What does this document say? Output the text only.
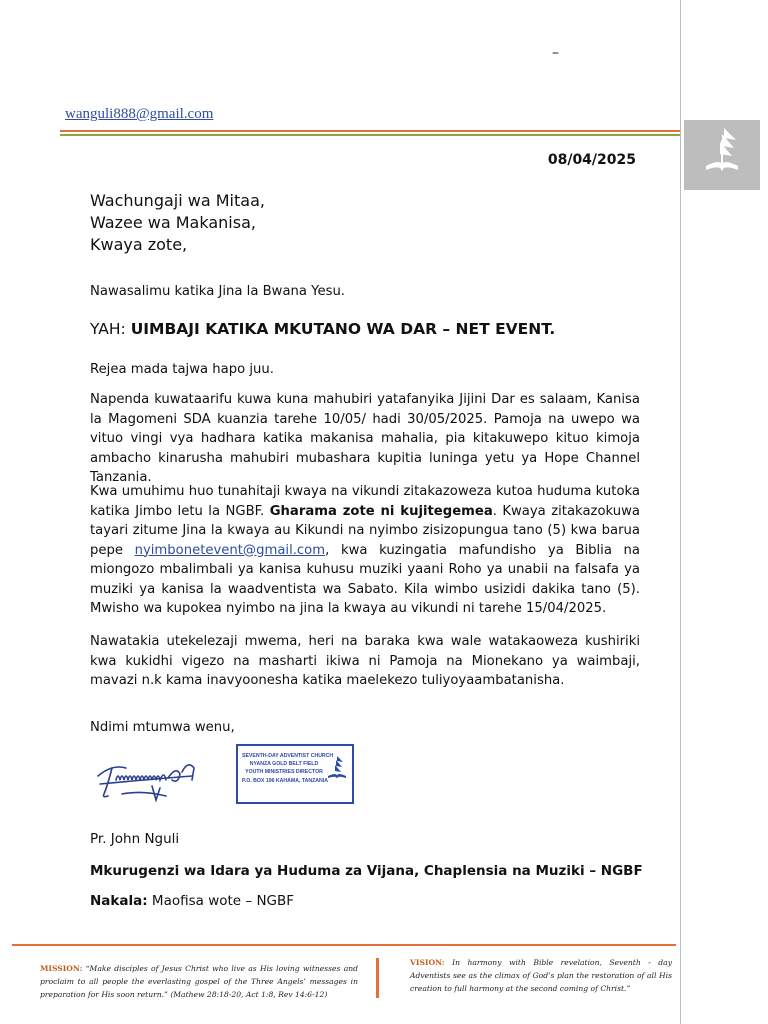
–
wanguli888@gmail.com
08/04/2025
Wachungaji wa Mitaa,
Wazee wa Makanisa,
Kwaya zote,
Nawasalimu katika Jina la Bwana Yesu.
YAH: UIMBAJI KATIKA MKUTANO WA DAR – NET EVENT.
Rejea mada tajwa hapo juu.
Napenda kuwataarifu kuwa kuna mahubiri yatafanyika Jijini Dar es salaam, Kanisa la Magomeni SDA kuanzia tarehe 10/05/ hadi 30/05/2025. Pamoja na uwepo wa vituo vingi vya hadhara katika makanisa mahalia, pia kitakuwepo kituo kimoja ambacho kinarusha mahubiri mubashara kupitia luninga yetu ya Hope Channel Tanzania.
Kwa umuhimu huo tunahitaji kwaya na vikundi zitakazoweza kutoa huduma kutoka katika Jimbo letu la NGBF. Gharama zote ni kujitegemea. Kwaya zitakazokuwa tayari zitume Jina la kwaya au Kikundi na nyimbo zisizopungua tano (5) kwa barua pepe nyimbonetevent@gmail.com, kwa kuzingatia mafundisho ya Biblia na miongozo mbalimbali ya kanisa kuhusu muziki yaani Roho ya unabii na falsafa ya muziki ya kanisa la waadventista wa Sabato. Kila wimbo usizidi dakika tano (5). Mwisho wa kupokea nyimbo na jina la kwaya au vikundi ni tarehe 15/04/2025.
Nawatakia utekelezaji mwema, heri na baraka kwa wale watakaoweza kushiriki kwa kukidhi vigezo na masharti ikiwa ni Pamoja na Mionekano ya waimbaji, mavazi n.k kama inavyoonesha katika maelekezo tuliyoyaambatanisha.
Ndimi mtumwa wenu,
SEVENTH-DAY ADVENTIST CHURCH
NYANZA GOLD BELT FIELD
YOUTH MINISTRIES DIRECTOR
P.O. BOX 196 KAHAMA, TANZANIA
Pr. John Nguli
Mkurugenzi wa Idara ya Huduma za Vijana, Chaplensia na Muziki – NGBF
Nakala: Maofisa wote – NGBF
MISSION: “Make disciples of Jesus Christ who live as His loving witnesses and proclaim to all people the everlasting gospel of the Three Angels’ messages in preparation for His soon return.” (Mathew 28:18-20, Act 1:8, Rev 14:6-12)
VISION: In harmony with Bible revelation, Seventh - day Adventists see as the climax of God’s plan the restoration of all His creation to full harmony at the second coming of Christ.”
